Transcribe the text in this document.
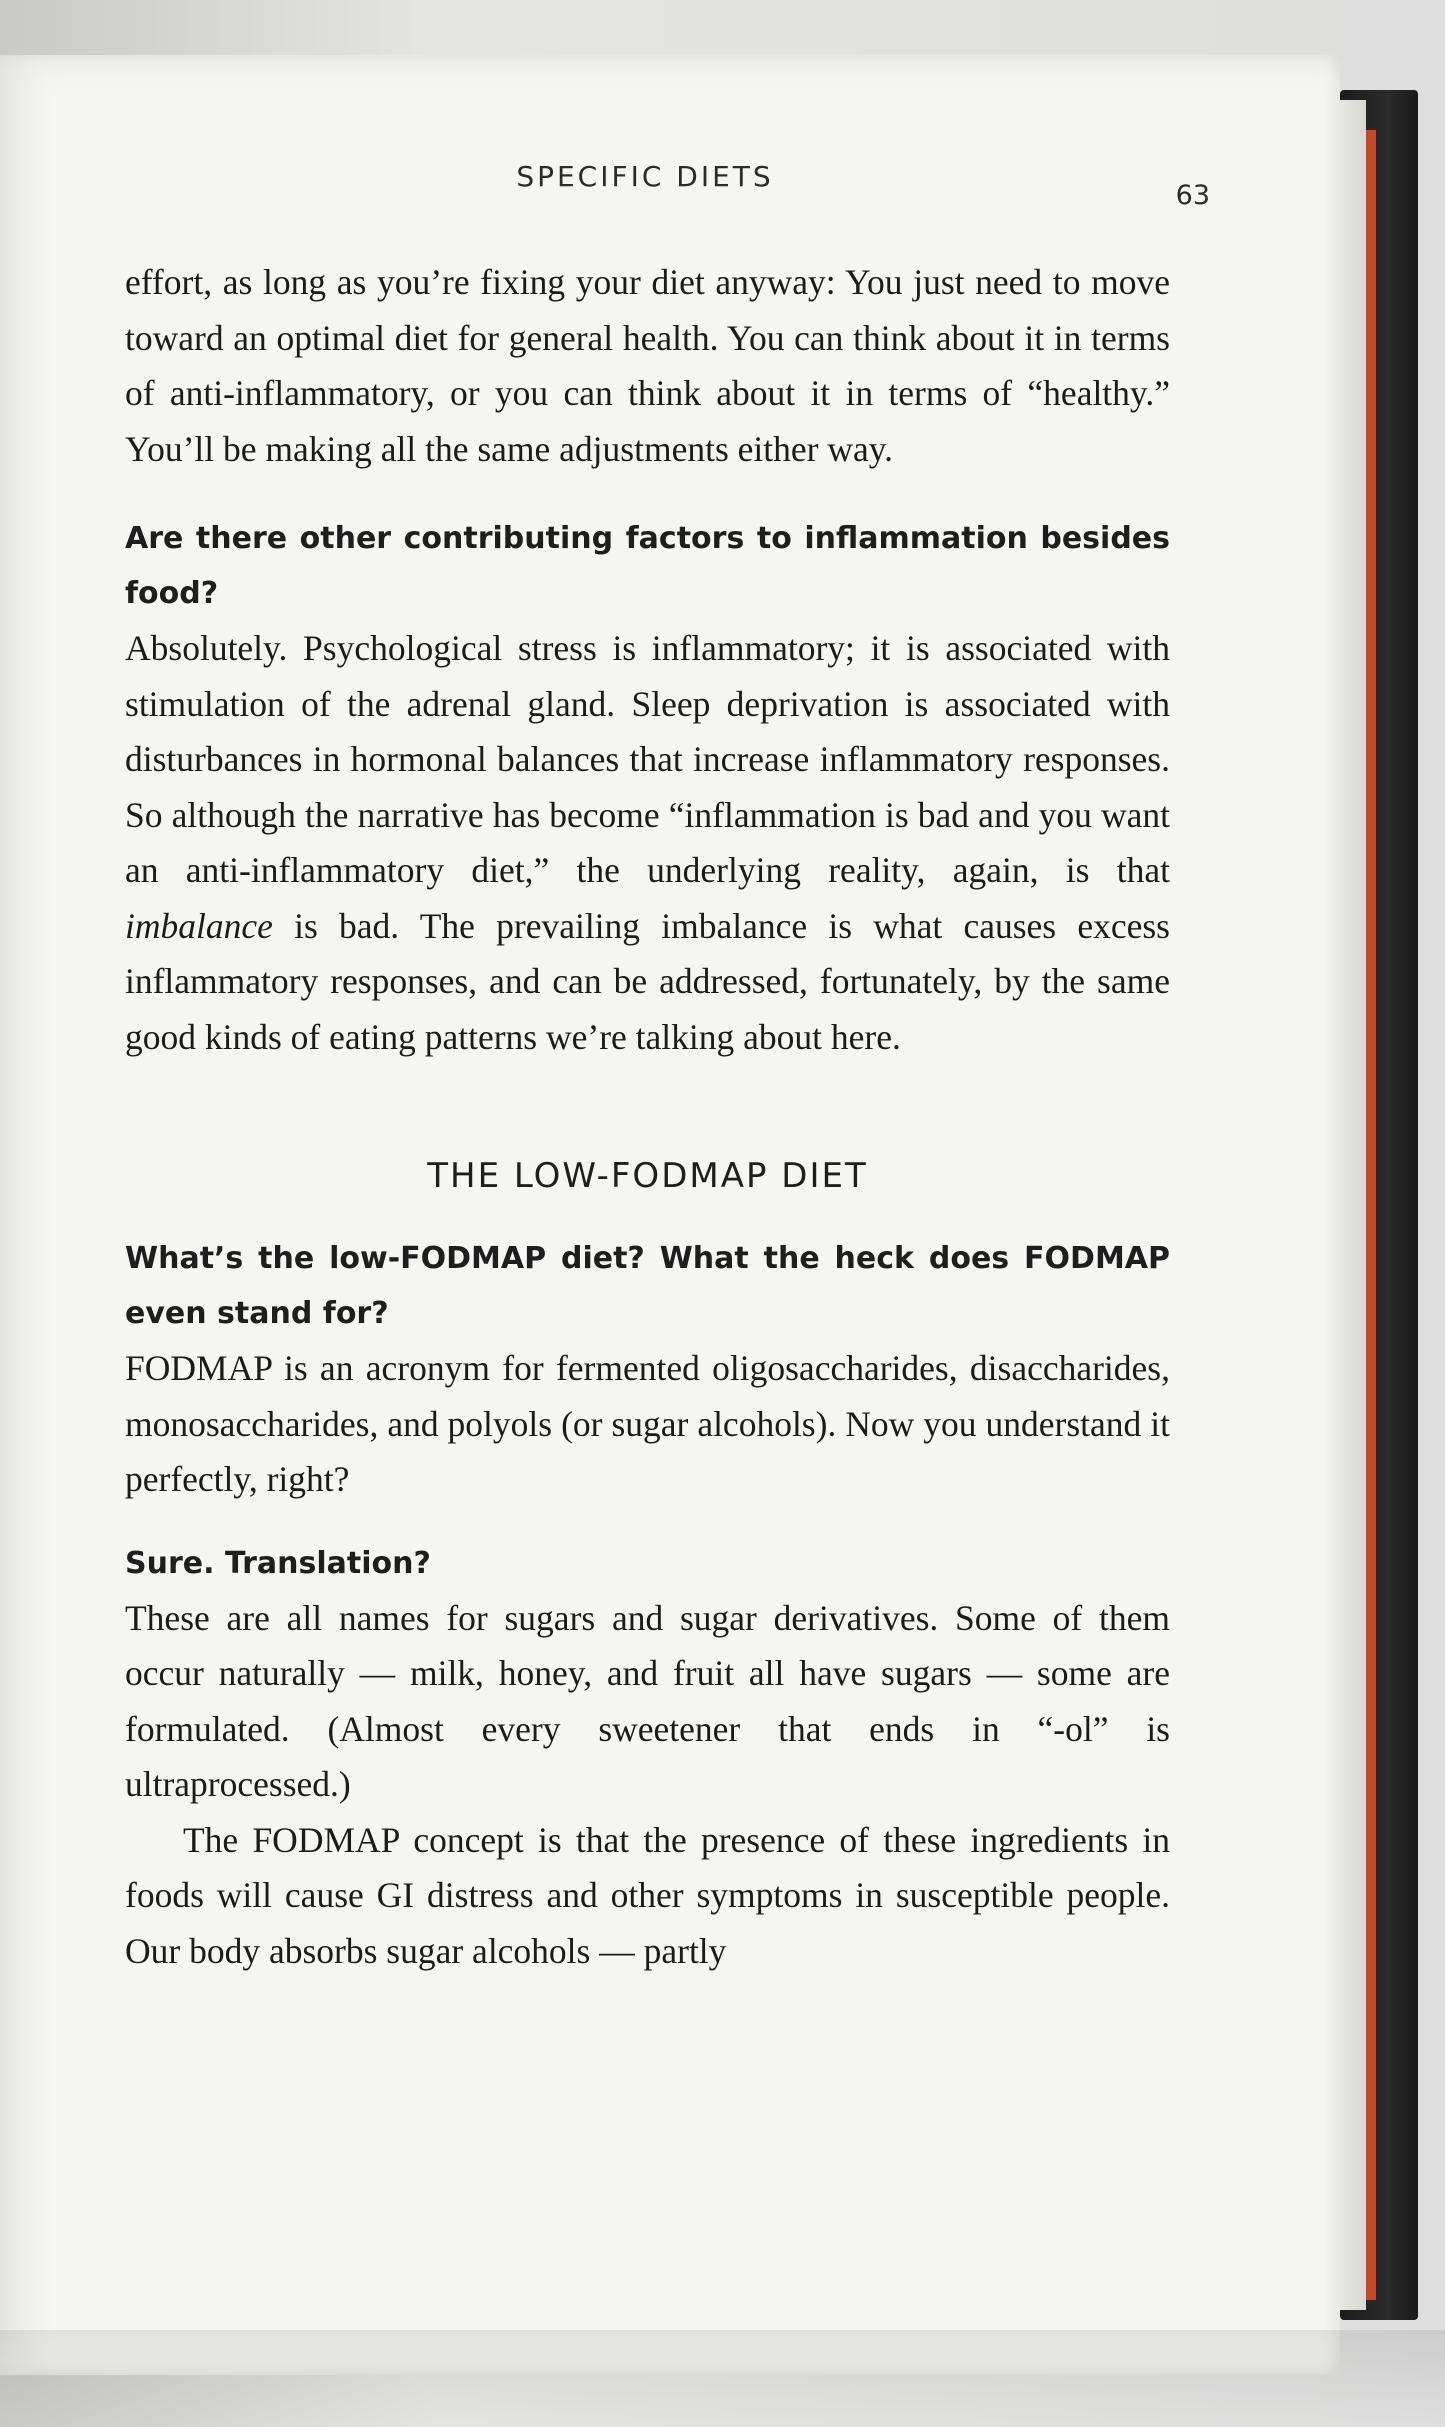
SPECIFIC DIETS
63

effort, as long as you’re fixing your diet anyway: You just need to move toward an optimal diet for general health. You can think about it in terms of anti-inflammatory, or you can think about it in terms of “healthy.” You’ll be making all the same adjustments either way.

Are there other contributing factors to inflammation besides food?

Absolutely. Psychological stress is inflammatory; it is associated with stimulation of the adrenal gland. Sleep deprivation is associated with disturbances in hormonal balances that increase inflammatory responses. So although the narrative has become “inflammation is bad and you want an anti-inflammatory diet,” the underlying reality, again, is that imbalance is bad. The prevailing imbalance is what causes excess inflammatory responses, and can be addressed, fortunately, by the same good kinds of eating patterns we’re talking about here.

THE LOW-FODMAP DIET

What’s the low-FODMAP diet? What the heck does FODMAP even stand for?

FODMAP is an acronym for fermented oligosaccharides, disaccharides, monosaccharides, and polyols (or sugar alcohols). Now you understand it perfectly, right?

Sure. Translation?

These are all names for sugars and sugar derivatives. Some of them occur naturally — milk, honey, and fruit all have sugars — some are formulated. (Almost every sweetener that ends in “-ol” is ultraprocessed.)

The FODMAP concept is that the presence of these ingredients in foods will cause GI distress and other symptoms in susceptible people. Our body absorbs sugar alcohols — partly
